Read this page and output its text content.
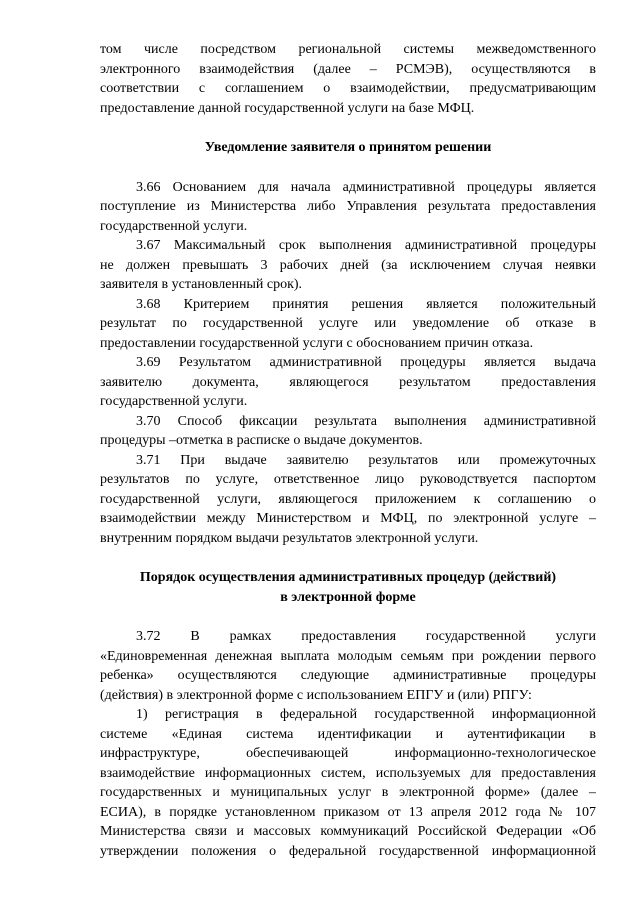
том числе посредством региональной системы межведомственного
электронного взаимодействия (далее – РСМЭВ), осуществляются в
соответствии с соглашением о взаимодействии, предусматривающим
предоставление данной государственной услуги на базе МФЦ.
Уведомление заявителя о принятом решении
3.66 Основанием для начала административной процедуры является
поступление из Министерства либо Управления результата предоставления
государственной услуги.
3.67 Максимальный срок выполнения административной процедуры
не должен превышать 3 рабочих дней (за исключением случая неявки
заявителя в установленный срок).
3.68 Критерием принятия решения является положительный
результат по государственной услуге или уведомление об отказе в
предоставлении государственной услуги с обоснованием причин отказа.
3.69 Результатом административной процедуры является выдача
заявителю документа, являющегося результатом предоставления
государственной услуги.
3.70 Способ фиксации результата выполнения административной
процедуры –отметка в расписке о выдаче документов.
3.71 При выдаче заявителю результатов или промежуточных
результатов по услуге, ответственное лицо руководствуется паспортом
государственной услуги, являющегося приложением к соглашению о
взаимодействии между Министерством и МФЦ, по электронной услуге –
внутренним порядком выдачи результатов электронной услуги.
Порядок осуществления административных процедур (действий)
в электронной форме
3.72 В рамках предоставления государственной услуги
«Единовременная денежная выплата молодым семьям при рождении первого
ребенка» осуществляются следующие административные процедуры
(действия) в электронной форме с использованием ЕПГУ и (или) РПГУ:
1) регистрация в федеральной государственной информационной
системе «Единая система идентификации и аутентификации в
инфраструктуре, обеспечивающей информационно-технологическое
взаимодействие информационных систем, используемых для предоставления
государственных и муниципальных услуг в электронной форме» (далее –
ЕСИА), в порядке установленном приказом от 13 апреля 2012 года № 107
Министерства связи и массовых коммуникаций Российской Федерации «Об
утверждении положения о федеральной государственной информационной
